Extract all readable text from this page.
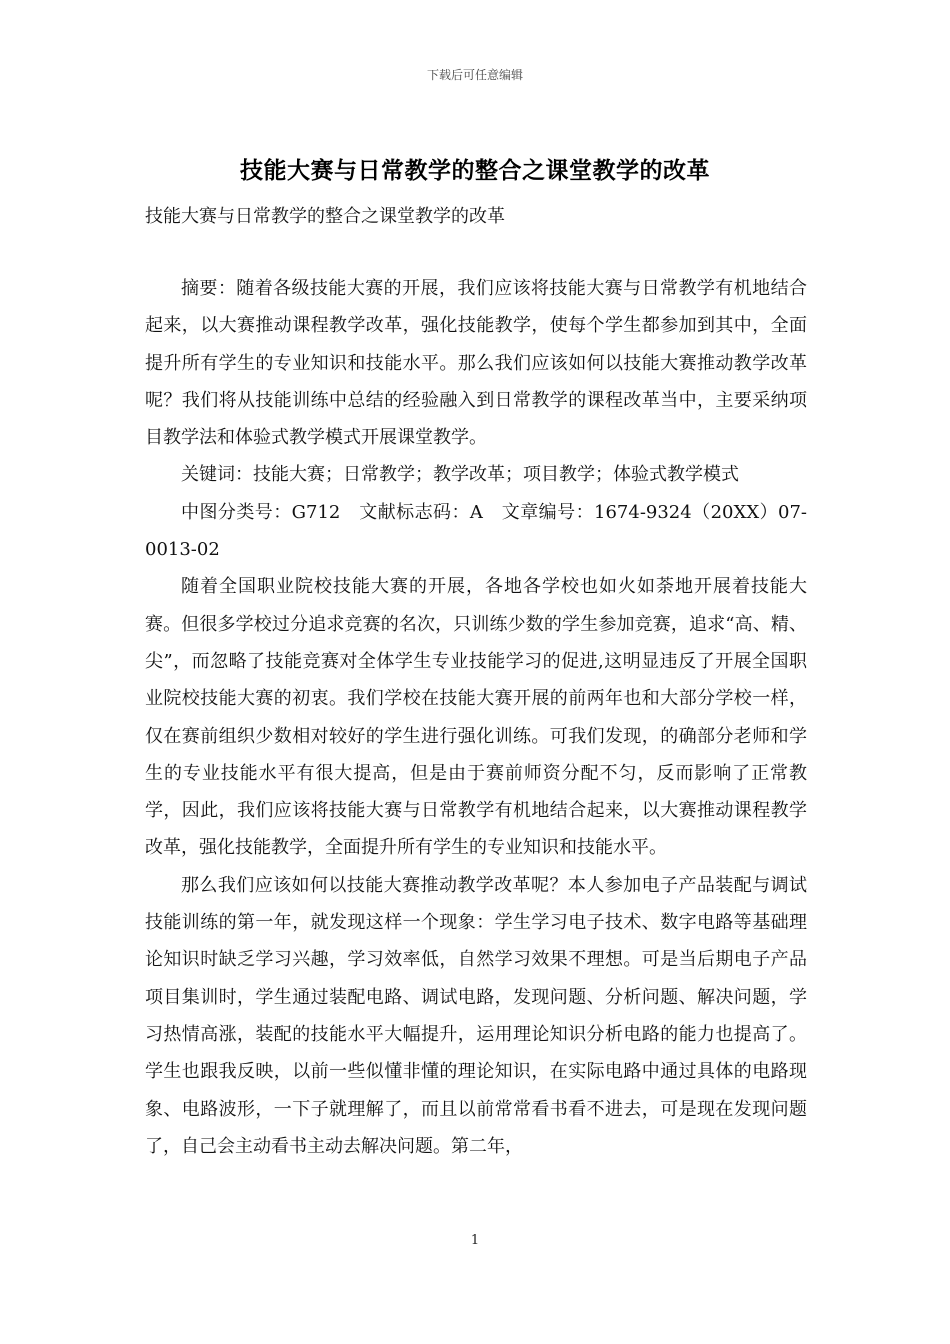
下载后可任意编辑
技能大赛与日常教学的整合之课堂教学的改革
技能大赛与日常教学的整合之课堂教学的改革

摘要：随着各级技能大赛的开展，我们应该将技能大赛与日常教学有机地结合起来，以大赛推动课程教学改革，强化技能教学，使每个学生都参加到其中，全面提升所有学生的专业知识和技能水平。那么我们应该如何以技能大赛推动教学改革呢？我们将从技能训练中总结的经验融入到日常教学的课程改革当中，主要采纳项目教学法和体验式教学模式开展课堂教学。

关键词：技能大赛；日常教学；教学改革；项目教学；体验式教学模式

中图分类号：G712　文献标志码：A　文章编号：1674-9324（20XX）07-0013-02

随着全国职业院校技能大赛的开展，各地各学校也如火如荼地开展着技能大赛。但很多学校过分追求竞赛的名次，只训练少数的学生参加竞赛，追求“高、精、尖”，而忽略了技能竞赛对全体学生专业技能学习的促进,这明显违反了开展全国职业院校技能大赛的初衷。我们学校在技能大赛开展的前两年也和大部分学校一样，仅在赛前组织少数相对较好的学生进行强化训练。可我们发现，的确部分老师和学生的专业技能水平有很大提高，但是由于赛前师资分配不匀，反而影响了正常教学，因此，我们应该将技能大赛与日常教学有机地结合起来，以大赛推动课程教学改革，强化技能教学，全面提升所有学生的专业知识和技能水平。

那么我们应该如何以技能大赛推动教学改革呢？本人参加电子产品装配与调试技能训练的第一年，就发现这样一个现象：学生学习电子技术、数字电路等基础理论知识时缺乏学习兴趣，学习效率低，自然学习效果不理想。可是当后期电子产品项目集训时，学生通过装配电路、调试电路，发现问题、分析问题、解决问题，学习热情高涨，装配的技能水平大幅提升，运用理论知识分析电路的能力也提高了。学生也跟我反映，以前一些似懂非懂的理论知识，在实际电路中通过具体的电路现象、电路波形，一下子就理解了，而且以前常常看书看不进去，可是现在发现问题了，自己会主动看书主动去解决问题。第二年，

1
